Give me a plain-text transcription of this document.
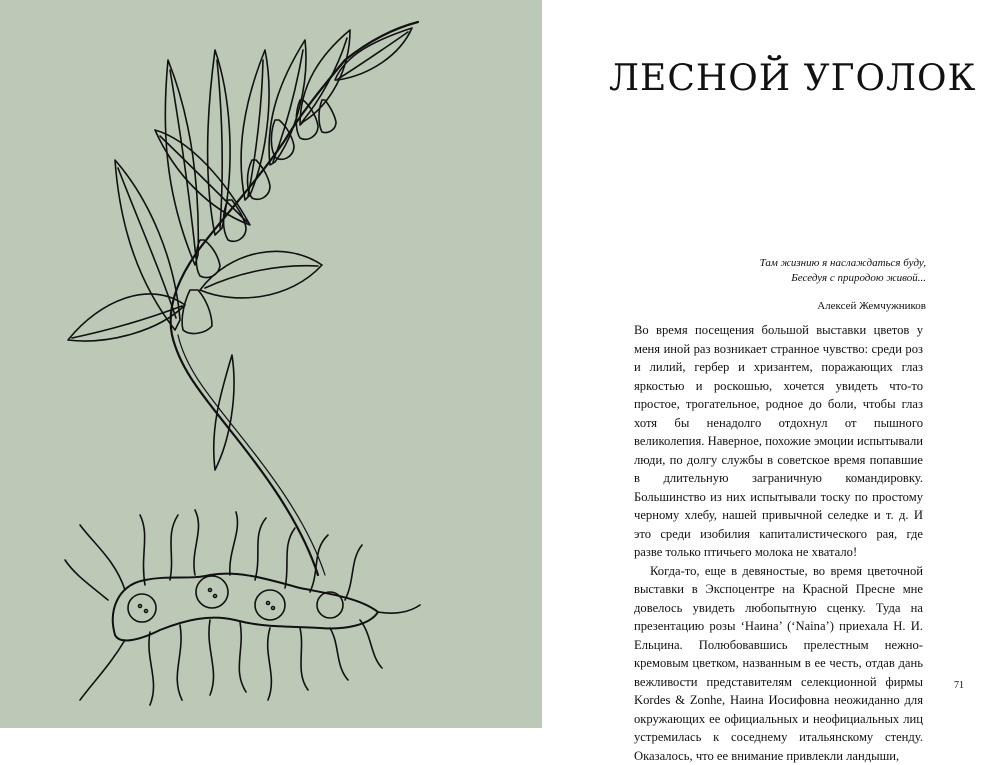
ЛЕСНОЙ УГОЛОК
Там жизнию я наслаждаться буду,
Беседуя с природою живой...
Алексей Жемчужников

Во время посещения большой выставки цветов у меня иной раз возникает странное чувство: среди роз и лилий, гербер и хризантем, поражающих глаз яркостью и роскошью, хочется увидеть что-то простое, трогательное, родное до боли, чтобы глаз хотя бы ненадолго отдохнул от пышного великолепия. Наверное, похожие эмоции испытывали люди, по долгу службы в советское время попавшие в длительную заграничную командировку. Большинство из них испытывали тоску по простому черному хлебу, нашей привычной селедке и т. д. И это среди изобилия капиталистического рая, где разве только птичьего молока не хватало!

Когда-то, еще в девяностые, во время цветочной выставки в Экспоцентре на Красной Пресне мне довелось увидеть любопытную сценку. Туда на презентацию розы ‘Наина’ (‘Naina’) приехала Н. И. Ельцина. Полюбовавшись прелестным нежно-кремовым цветком, названным в ее честь, отдав дань вежливости представителям селекционной фирмы Kordes & Zonhe, Наина Иосифовна неожиданно для окружающих ее официальных и неофициальных лиц устремилась к соседнему итальянскому стенду. Оказалось, что ее внимание привлекли ландыши,

71
